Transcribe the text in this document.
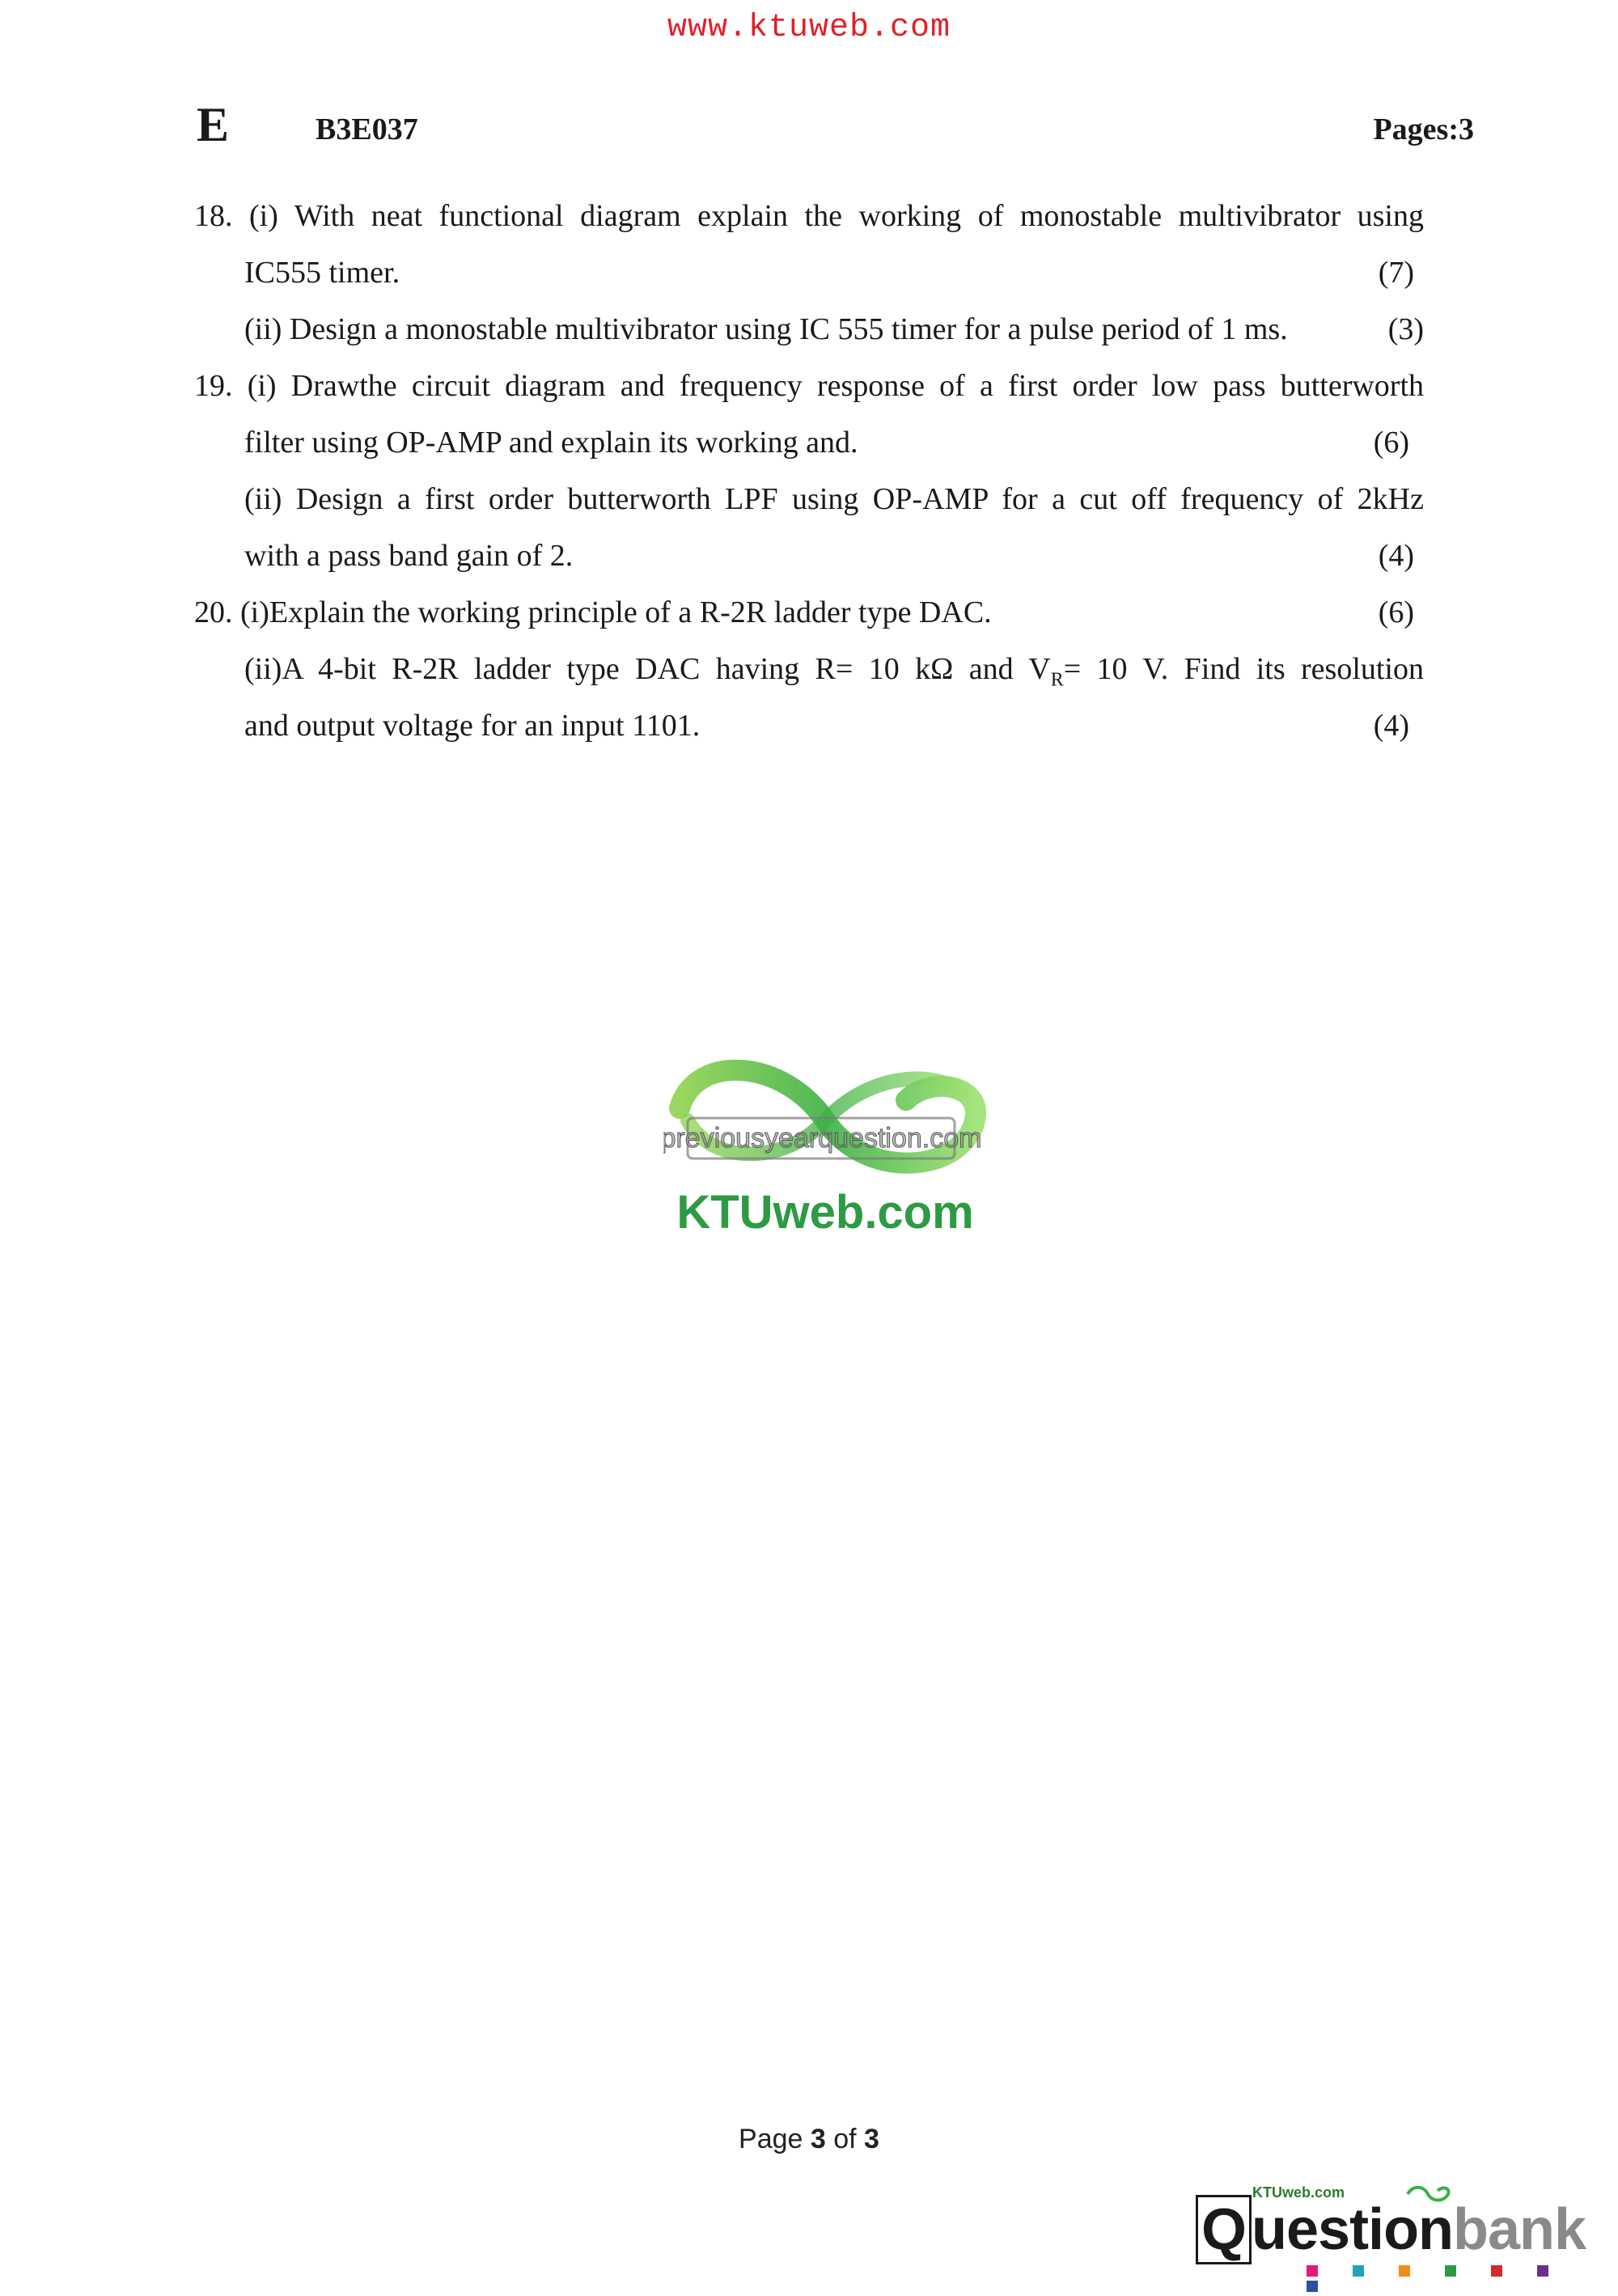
www.ktuweb.com
E	B3E037	Pages:3
18. (i) With neat functional diagram explain the working of monostable multivibrator using
IC555 timer.	(7)
(ii) Design a monostable multivibrator using IC 555 timer for a pulse period of 1 ms.	(3)
19. (i) Drawthe circuit diagram and frequency response of a first order low pass butterworth
filter using OP-AMP and explain its working and.	(6)
(ii) Design a first order butterworth LPF using OP-AMP for a cut off frequency of 2kHz
with a pass band gain of 2.	(4)
20. (i)Explain the working principle of a R-2R ladder type DAC.	(6)
(ii)A 4-bit R-2R ladder type DAC having R= 10 kΩ and $V_R= 10$ V. Find its resolution
and output voltage for an input 1101.	(4)
previousyearquestion.com
KTUweb.com
Page 3 of 3
KTUweb.com
Questionbank
